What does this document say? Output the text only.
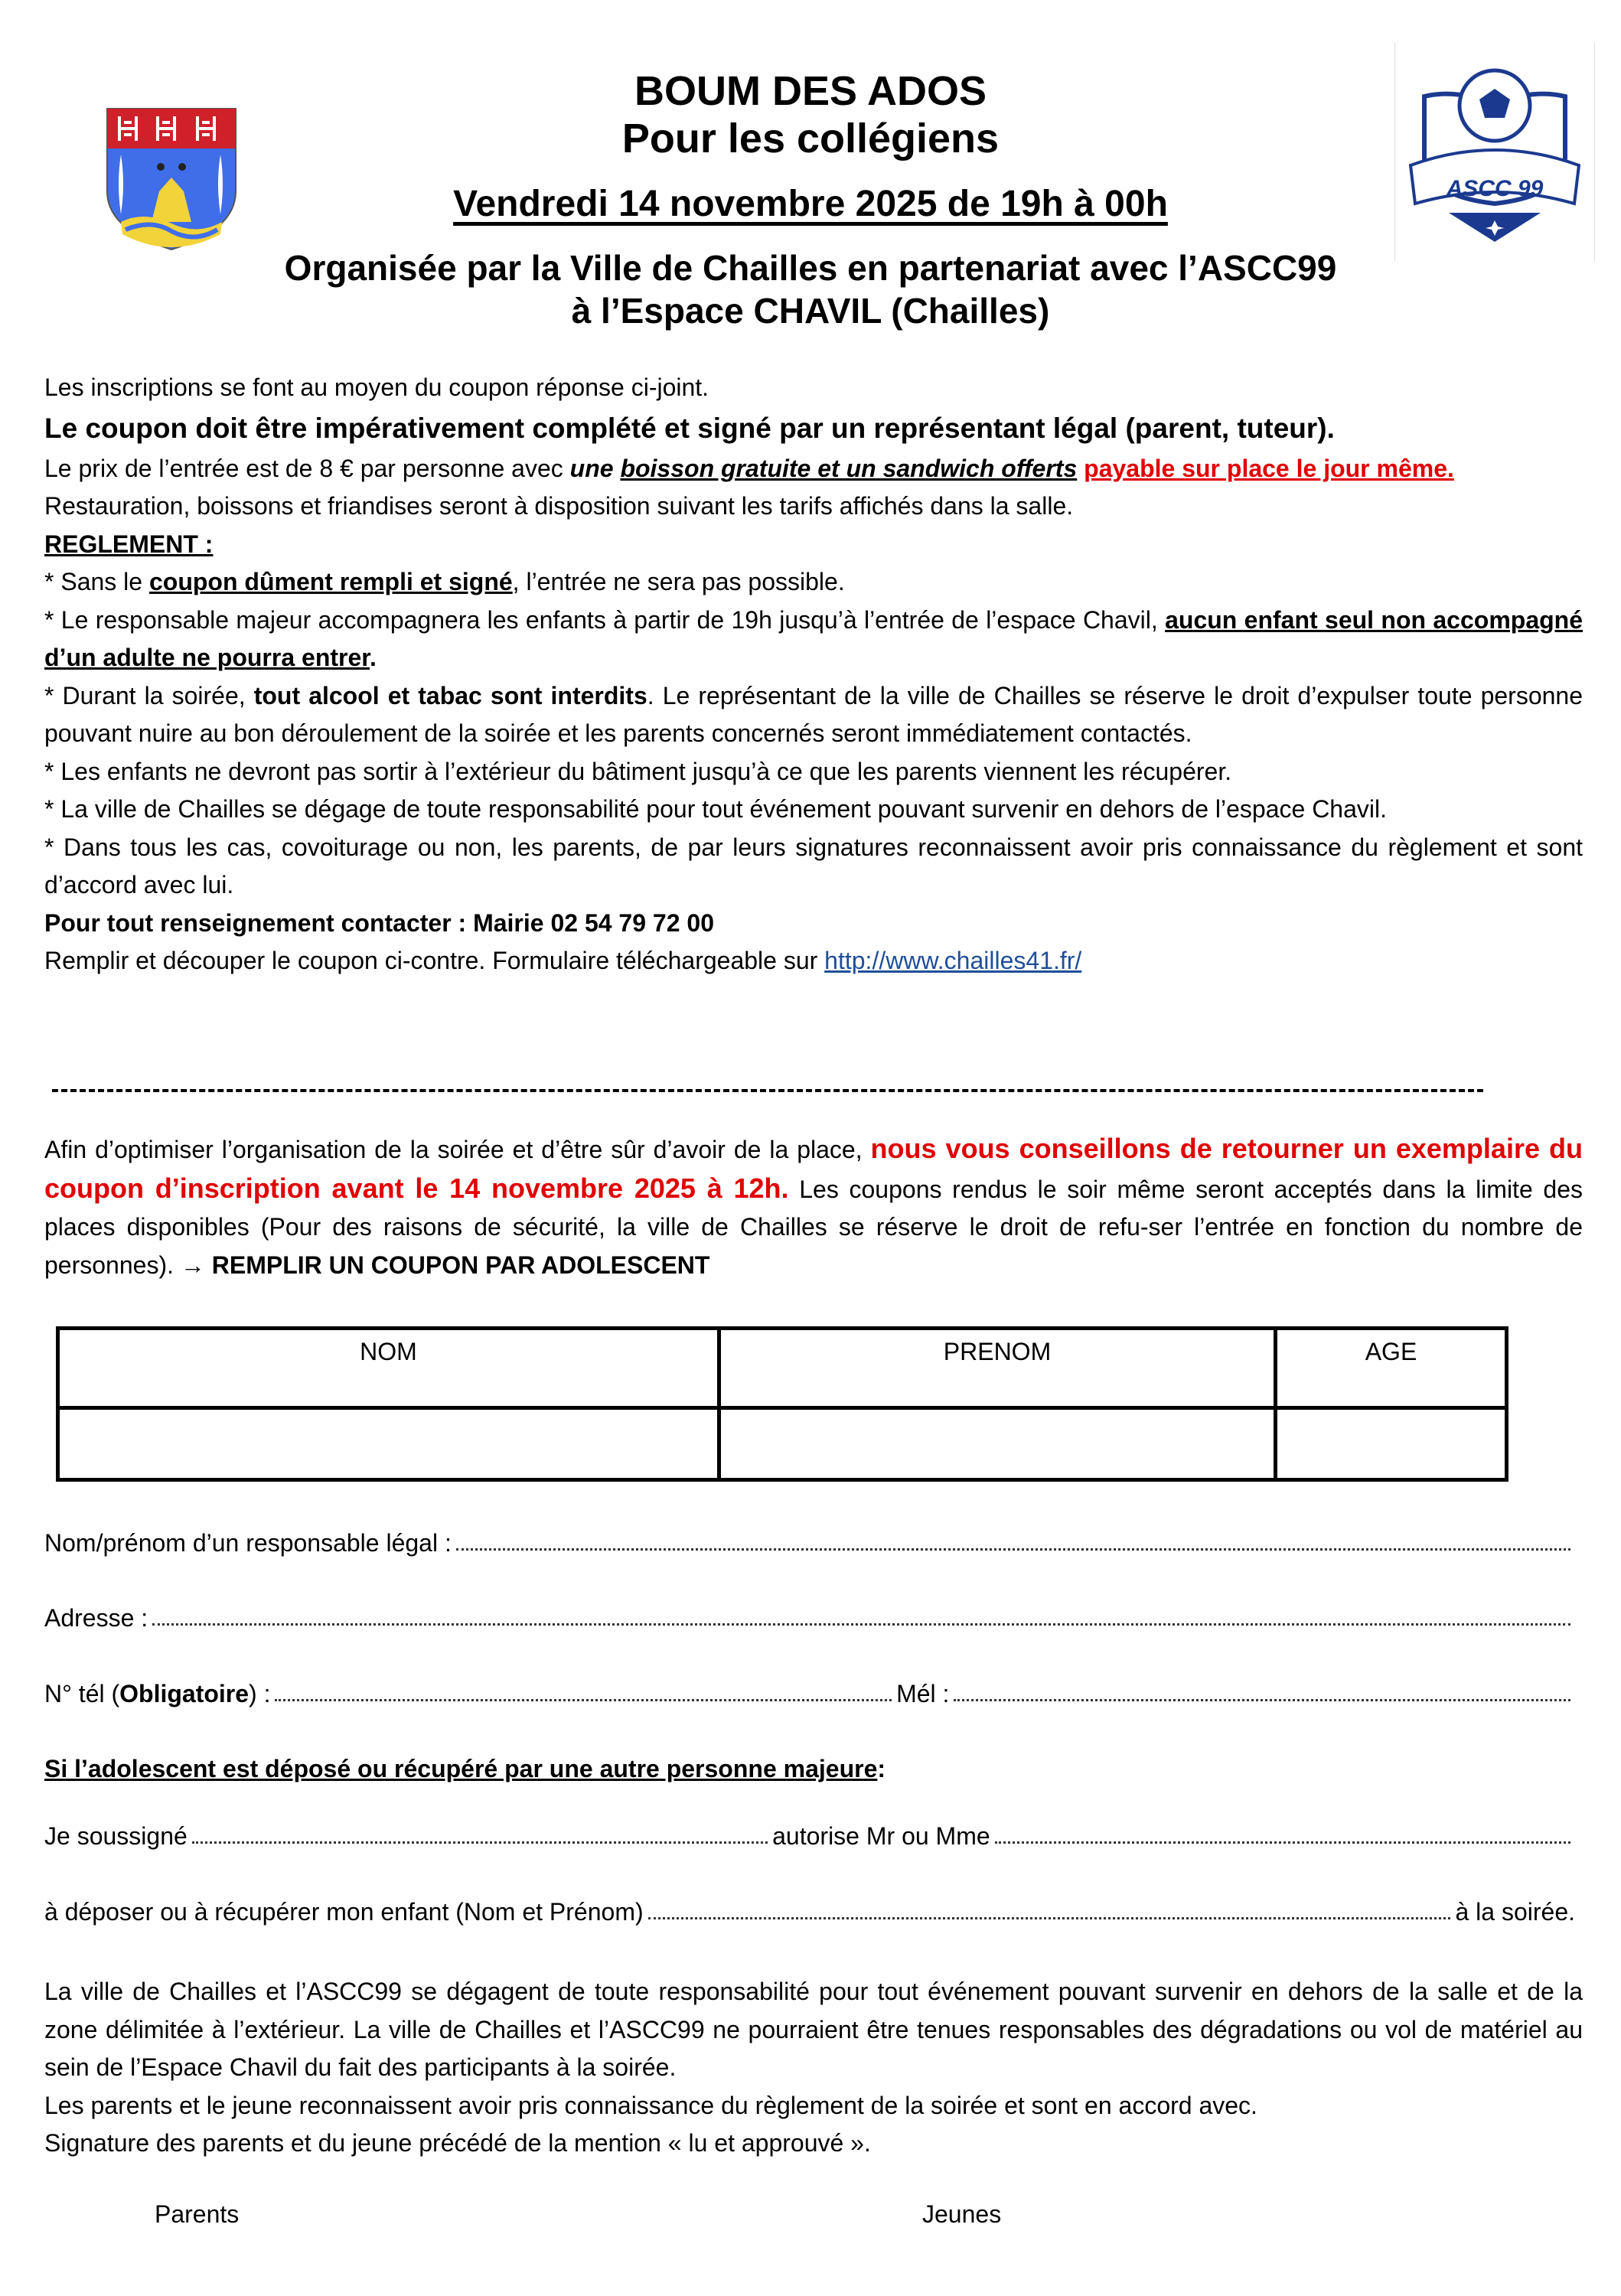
ASCC 99
BOUM DES ADOS
Pour les collégiens
Vendredi 14 novembre 2025 de 19h à 00h
Organisée par la Ville de Chailles en partenariat avec l’ASCC99
à l’Espace CHAVIL (Chailles)

Les inscriptions se font au moyen du coupon réponse ci-joint.

Le coupon doit être impérativement complété et signé par un représentant légal (parent, tuteur).

Le prix de l’entrée est de 8 € par personne avec une boisson gratuite et un sandwich offerts payable sur place le jour même.

Restauration, boissons et friandises seront à disposition suivant les tarifs affichés dans la salle.

REGLEMENT :

* Sans le coupon dûment rempli et signé, l’entrée ne sera pas possible.

* Le responsable majeur accompagnera les enfants à partir de 19h jusqu’à l’entrée de l’espace Chavil, aucun enfant seul non accompagné d’un adulte ne pourra entrer.

* Durant la soirée, tout alcool et tabac sont interdits. Le représentant de la ville de Chailles se réserve le droit d’expulser toute personne pouvant nuire au bon déroulement de la soirée et les parents concernés seront immédiatement contactés.

* Les enfants ne devront pas sortir à l’extérieur du bâtiment jusqu’à ce que les parents viennent les récupérer.

* La ville de Chailles se dégage de toute responsabilité pour tout événement pouvant survenir en dehors de l’espace Chavil.

* Dans tous les cas, covoiturage ou non, les parents, de par leurs signatures reconnaissent avoir pris connaissance du règlement et sont d’accord avec lui.

Pour tout renseignement contacter : Mairie 02 54 79 72 00

Remplir et découper le coupon ci-contre. Formulaire téléchargeable sur http://www.chailles41.fr/

Afin d’optimiser l’organisation de la soirée et d’être sûr d’avoir de la place, nous vous conseillons de retourner un exemplaire du coupon d’inscription avant le 14 novembre 2025 à 12h. Les coupons rendus le soir même seront acceptés dans la limite des places disponibles (Pour des raisons de sécurité, la ville de Chailles se réserve le droit de refu-ser l’entrée en fonction du nombre de personnes). → REMPLIR UN COUPON PAR ADOLESCENT

NOM	PRENOM	AGE

Nom/prénom d’un responsable légal :
Adresse :
N° tél (Obligatoire) :	Mél :
Si l’adolescent est déposé ou récupéré par une autre personne majeure :
Je soussigné	autorise Mr ou Mme
à déposer ou à récupérer mon enfant (Nom et Prénom)	à la soirée.

La ville de Chailles et l’ASCC99 se dégagent de toute responsabilité pour tout événement pouvant survenir en dehors de la salle et de la zone délimitée à l’extérieur. La ville de Chailles et l’ASCC99 ne pourraient être tenues responsables des dégradations ou vol de matériel au sein de l’Espace Chavil du fait des participants à la soirée.

Les parents et le jeune reconnaissent avoir pris connaissance du règlement de la soirée et sont en accord avec.

Signature des parents et du jeune précédé de la mention « lu et approuvé ».

Parents	Jeunes
